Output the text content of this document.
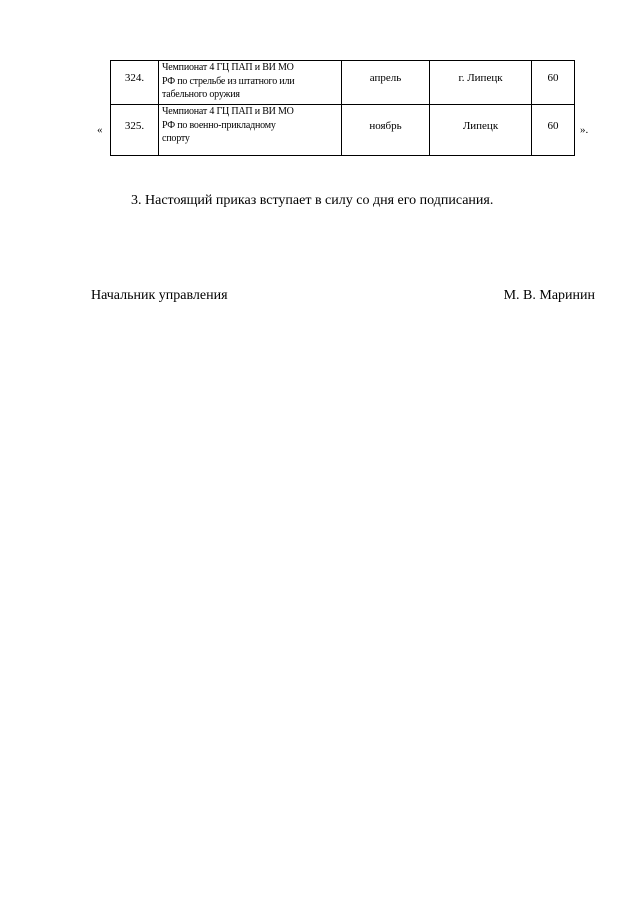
324.	Чемпионат 4 ГЦ ПАП и ВИ МО
РФ по стрельбе из штатного или
табельного оружия	апрель	г. Липецк	60
325.	Чемпионат 4 ГЦ ПАП и ВИ МО
РФ по военно-прикладному
спорту	ноябрь	Липецк	60
«	».
3. Настоящий приказ вступает в силу со дня его подписания.
Начальник управления	М. В. Маринин
